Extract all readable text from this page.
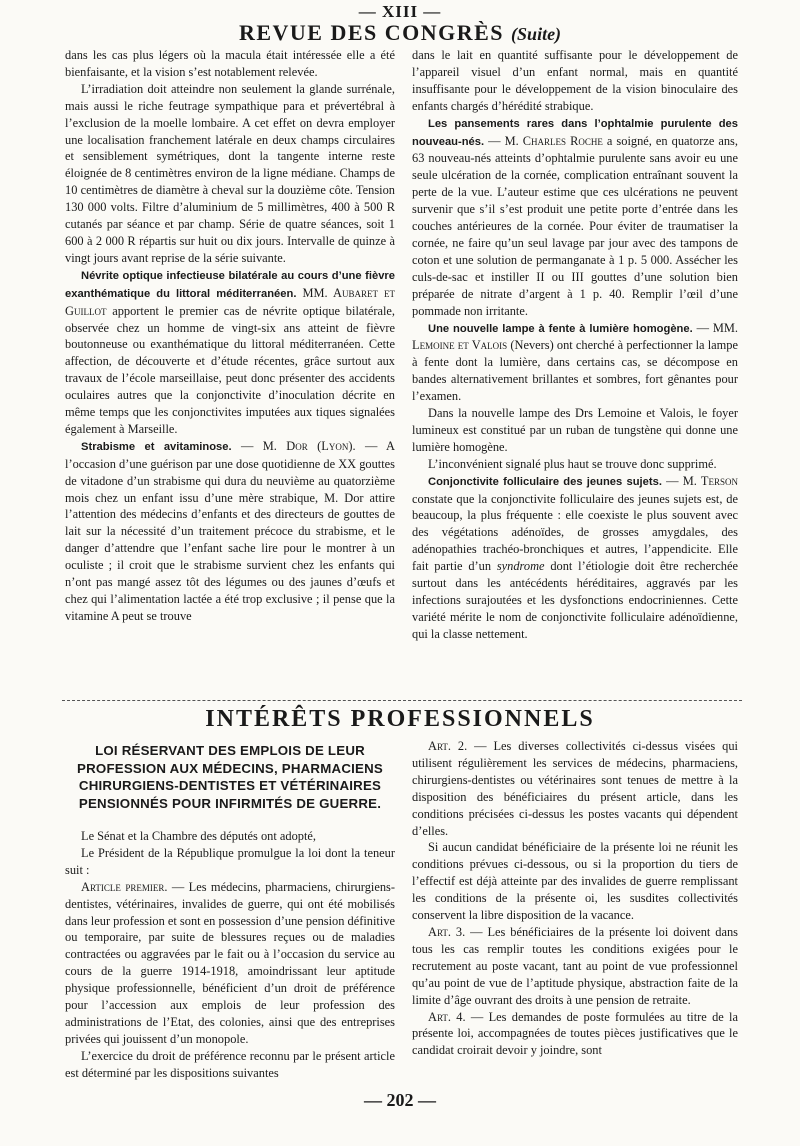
— XIII —
REVUE DES CONGRÈS (Suite)

dans les cas plus légers où la macula était intéressée elle a été bienfaisante, et la vision s’est notablement relevée.

L’irradiation doit atteindre non seulement la glande surrénale, mais aussi le riche feutrage sympathique para et prévertébral à l’exclusion de la moelle lombaire. A cet effet on devra employer une localisation franchement latérale en deux champs circulaires et sensiblement symétriques, dont la tangente interne reste éloignée de 8 centimètres environ de la ligne médiane. Champs de 10 centimètres de diamètre à cheval sur la douzième côte. Tension 130 000 volts. Filtre d’aluminium de 5 millimètres, 400 à 500 R cutanés par séance et par champ. Série de quatre séances, soit 1 600 à 2 000 R répartis sur huit ou dix jours. Intervalle de quinze à vingt jours avant reprise de la série suivante.

Névrite optique infectieuse bilatérale au cours d’une fièvre exanthématique du littoral méditerranéen. MM. Aubaret et Guillot apportent le premier cas de névrite optique bilatérale, observée chez un homme de vingt-six ans atteint de fièvre boutonneuse ou exanthématique du littoral méditerranéen. Cette affection, de découverte et d’étude récentes, grâce surtout aux travaux de l’école marseillaise, peut donc présenter des accidents oculaires autres que la conjonctivite d’inoculation décrite en même temps que les conjonctivites imputées aux tiques signalées également à Marseille.

Strabisme et avitaminose. — M. Dor (Lyon). — A l’occasion d’une guérison par une dose quotidienne de XX gouttes de vitadone d’un strabisme qui dura du neuvième au quatorzième mois chez un enfant issu d’une mère strabique, M. Dor attire l’attention des médecins d’enfants et des directeurs de gouttes de lait sur la nécessité d’un traitement précoce du strabisme, et le danger d’attendre que l’enfant sache lire pour le montrer à un oculiste ; il croit que le strabisme survient chez les enfants qui n’ont pas mangé assez tôt des légumes ou des jaunes d’œufs et chez qui l’alimentation lactée a été trop exclusive ; il pense que la vitamine A peut se trouve

dans le lait en quantité suffisante pour le développement de l’appareil visuel d’un enfant normal, mais en quantité insuffisante pour le développement de la vision binoculaire des enfants chargés d’hérédité strabique.

Les pansements rares dans l’ophtalmie purulente des nouveau-nés. — M. Charles Roche a soigné, en quatorze ans, 63 nouveau-nés atteints d’ophtalmie purulente sans avoir eu une seule ulcération de la cornée, complication entraînant souvent la perte de la vue. L’auteur estime que ces ulcérations ne peuvent survenir que s’il s’est produit une petite porte d’entrée dans les couches antérieures de la cornée. Pour éviter de traumatiser la cornée, ne faire qu’un seul lavage par jour avec des tampons de coton et une solution de permanganate à 1 p. 5 000. Assécher les culs-de-sac et instiller II ou III gouttes d’une solution bien préparée de nitrate d’argent à 1 p. 40. Remplir l’œil d’une pommade non irritante.

Une nouvelle lampe à fente à lumière homogène. — MM. Lemoine et Valois (Nevers) ont cherché à perfectionner la lampe à fente dont la lumière, dans certains cas, se décompose en bandes alternativement brillantes et sombres, fort gênantes pour l’examen.

Dans la nouvelle lampe des Drs Lemoine et Valois, le foyer lumineux est constitué par un ruban de tungstène qui donne une lumière homogène.

L’inconvénient signalé plus haut se trouve donc supprimé.

Conjonctivite folliculaire des jeunes sujets. — M. Terson constate que la conjonctivite folliculaire des jeunes sujets est, de beaucoup, la plus fréquente : elle coexiste le plus souvent avec des végétations adénoïdes, de grosses amygdales, des adénopathies trachéo-bronchiques et autres, l’appendicite. Elle fait partie d’un syndrome dont l’étiologie doit être recherchée surtout dans les antécédents héréditaires, aggravés par les infections surajoutées et les dysfonctions endocriniennes. Cette variété mérite le nom de conjonctivite folliculaire adénoïdienne, qui la classe nettement.

INTÉRÊTS PROFESSIONNELS
LOI RÉSERVANT DES EMPLOIS DE LEUR PROFESSION AUX MÉDECINS, PHARMACIENS CHIRURGIENS-DENTISTES ET VÉTÉRINAIRES PENSIONNÉS POUR INFIRMITÉS DE GUERRE.

Le Sénat et la Chambre des députés ont adopté,

Le Président de la République promulgue la loi dont la teneur suit :

Article premier. — Les médecins, pharmaciens, chirurgiens-dentistes, vétérinaires, invalides de guerre, qui ont été mobilisés dans leur profession et sont en possession d’une pension définitive ou temporaire, par suite de blessures reçues ou de maladies contractées ou aggravées par le fait ou à l’occasion du service au cours de la guerre 1914-1918, amoindrissant leur aptitude physique professionnelle, bénéficient d’un droit de préférence pour l’accession aux emplois de leur profession des administrations de l’Etat, des colonies, ainsi que des entreprises privées qui jouissent d’un monopole.

L’exercice du droit de préférence reconnu par le présent article est déterminé par les dispositions suivantes

Art. 2. — Les diverses collectivités ci-dessus visées qui utilisent régulièrement les services de médecins, pharmaciens, chirurgiens-dentistes ou vétérinaires sont tenues de mettre à la disposition des bénéficiaires du présent article, dans les conditions précisées ci-dessus les postes vacants qui dépendent d’elles.

Si aucun candidat bénéficiaire de la présente loi ne réunit les conditions prévues ci-dessous, ou si la proportion du tiers de l’effectif est déjà atteinte par des invalides de guerre remplissant les conditions de la présente oi, les susdites collectivités conservent la libre disposition de la vacance.

Art. 3. — Les bénéficiaires de la présente loi doivent dans tous les cas remplir toutes les conditions exigées pour le recrutement au poste vacant, tant au point de vue professionnel qu’au point de vue de l’aptitude physique, abstraction faite de la limite d’âge ouvrant des droits à une pension de retraite.

Art. 4. — Les demandes de poste formulées au titre de la présente loi, accompagnées de toutes pièces justificatives que le candidat croirait devoir y joindre, sont

— 202 —
